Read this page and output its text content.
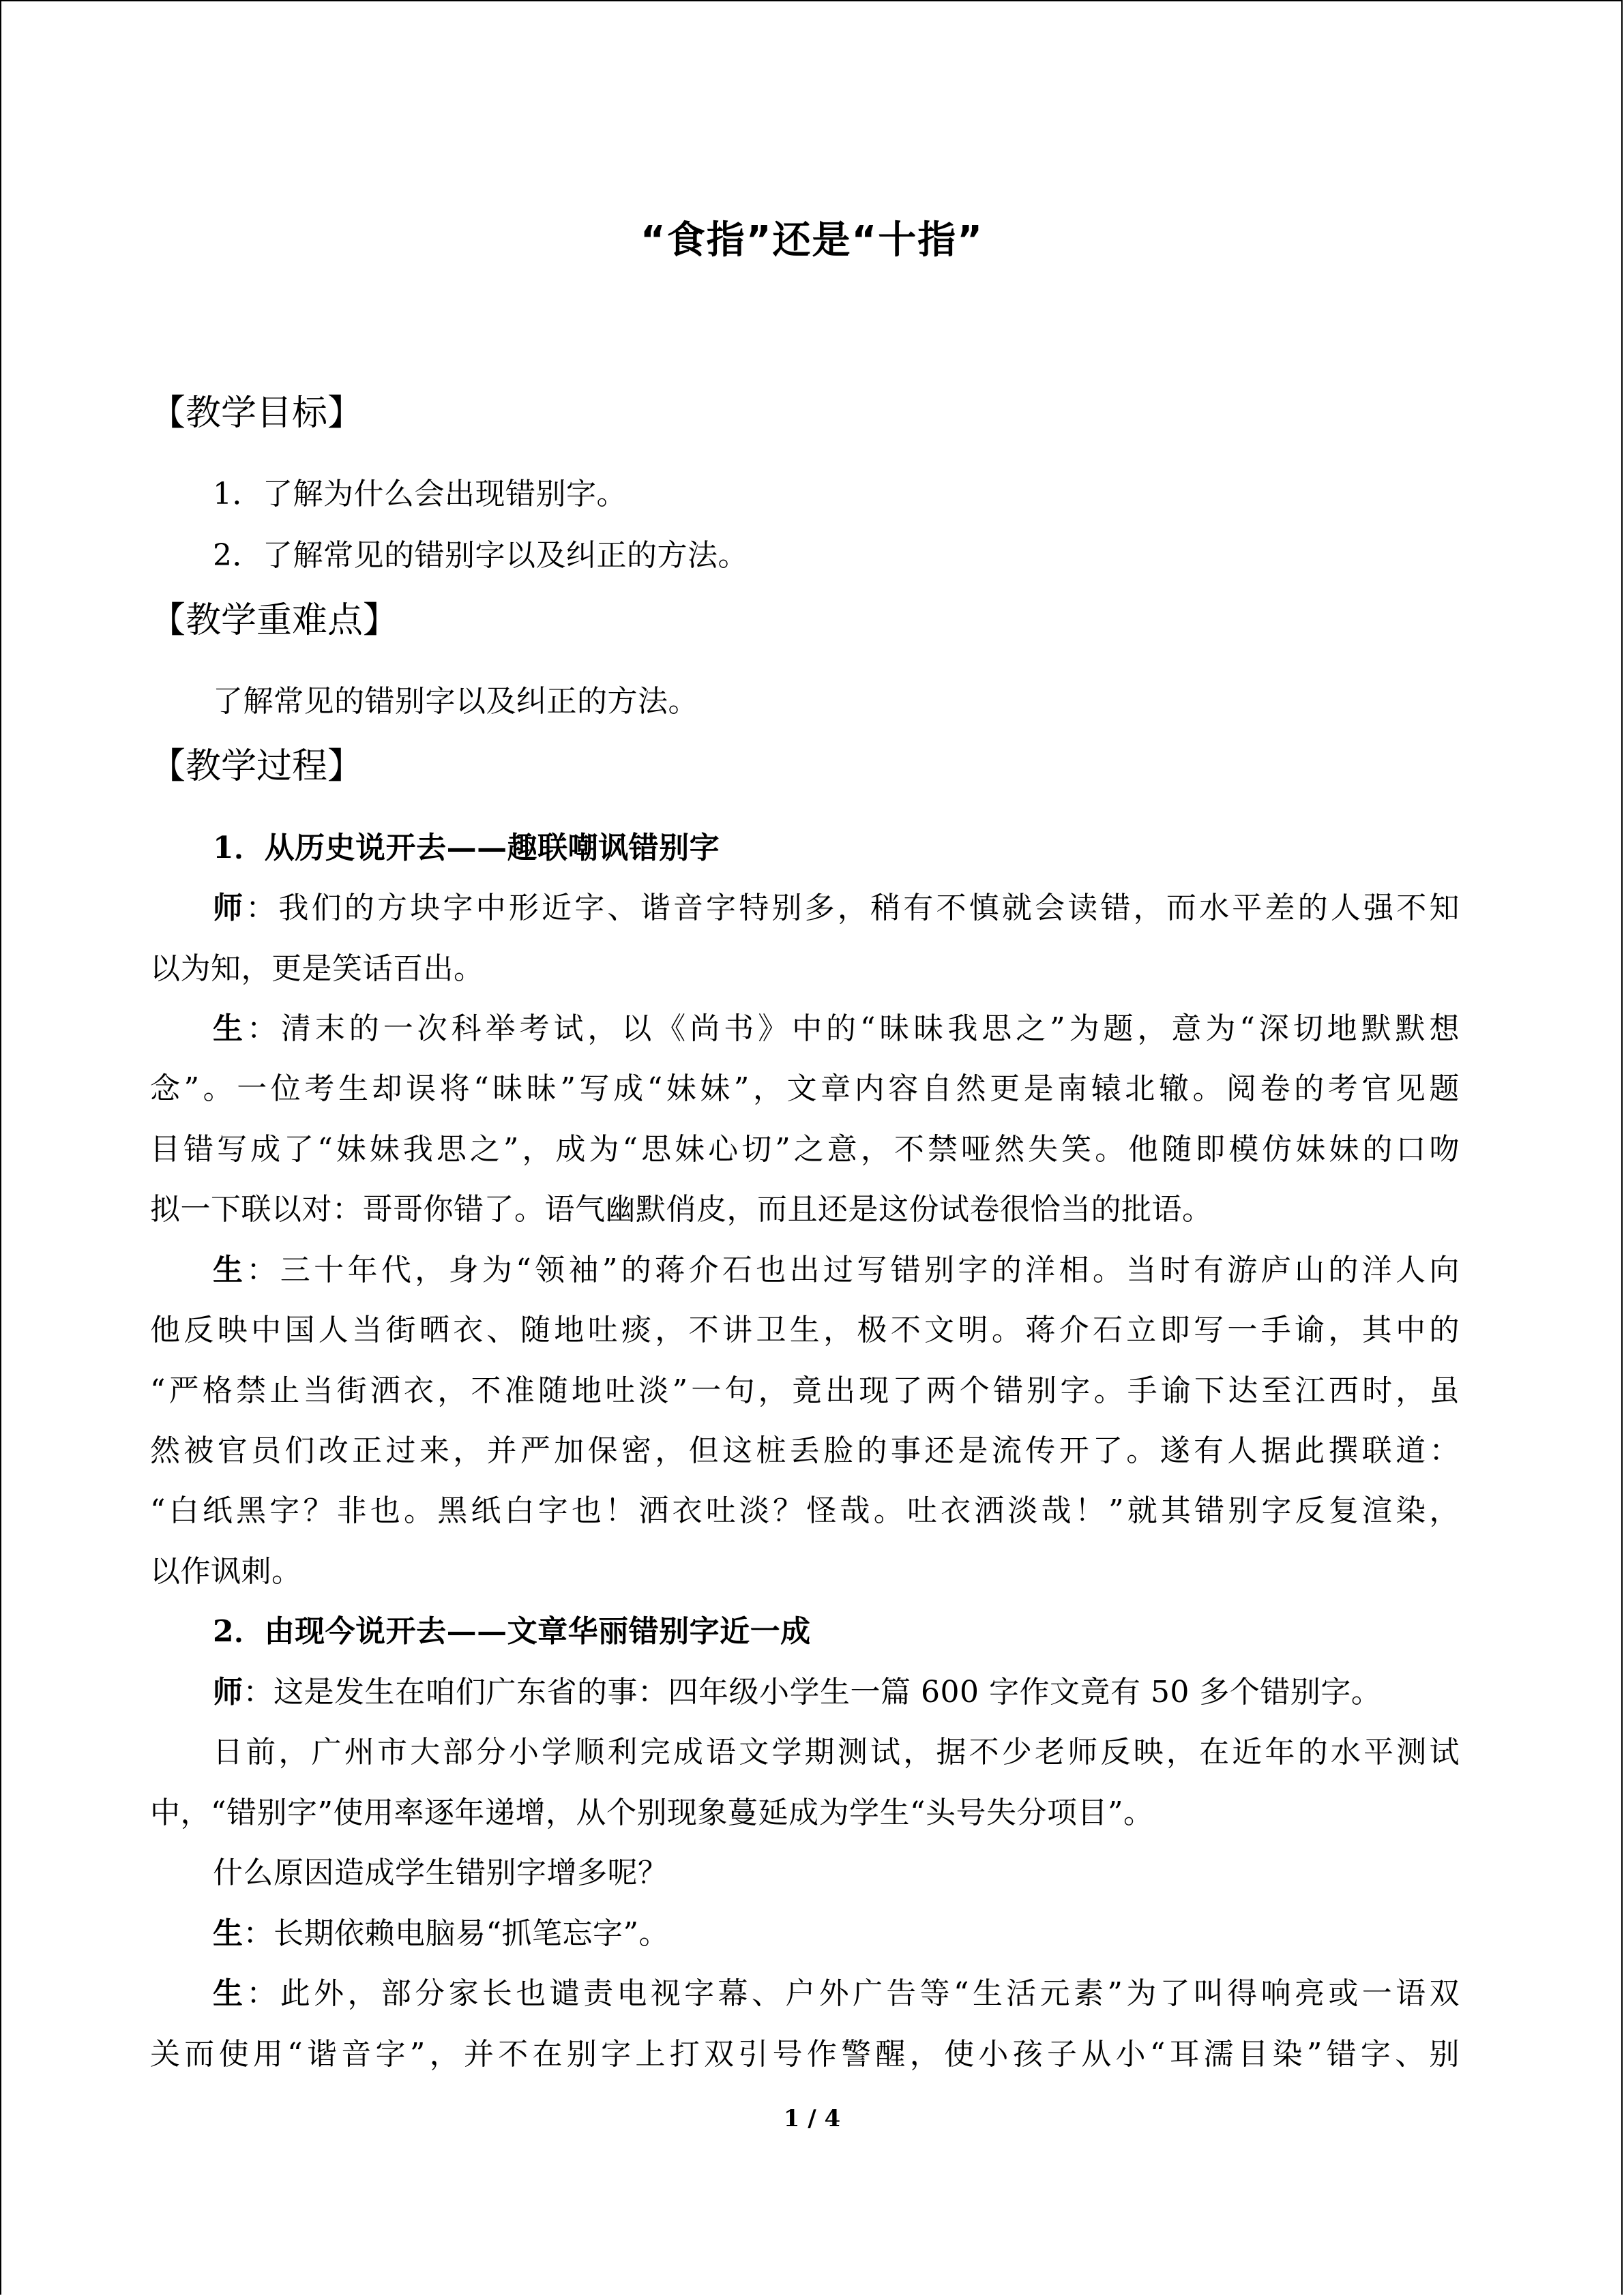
“食指”还是“十指”
【教学目标】
1．了解为什么会出现错别字。
2．了解常见的错别字以及纠正的方法。
【教学重难点】
了解常见的错别字以及纠正的方法。
【教学过程】
1．从历史说开去——趣联嘲讽错别字
师：我们的方块字中形近字、谐音字特别多，稍有不慎就会读错，而水平差的人强不知
以为知，更是笑话百出。
生：清末的一次科举考试，以《尚书》中的“昧昧我思之”为题，意为“深切地默默想
念”。一位考生却误将“昧昧”写成“妹妹”，文章内容自然更是南辕北辙。阅卷的考官见题
目错写成了“妹妹我思之”，成为“思妹心切”之意，不禁哑然失笑。他随即模仿妹妹的口吻
拟一下联以对：哥哥你错了。语气幽默俏皮，而且还是这份试卷很恰当的批语。
生：三十年代，身为“领袖”的蒋介石也出过写错别字的洋相。当时有游庐山的洋人向
他反映中国人当街晒衣、随地吐痰，不讲卫生，极不文明。蒋介石立即写一手谕，其中的
“严格禁止当街洒衣，不准随地吐淡”一句，竟出现了两个错别字。手谕下达至江西时，虽
然被官员们改正过来，并严加保密，但这桩丢脸的事还是流传开了。遂有人据此撰联道：
“白纸黑字？非也。黑纸白字也！洒衣吐淡？怪哉。吐衣洒淡哉！”就其错别字反复渲染，
以作讽刺。
2．由现今说开去——文章华丽错别字近一成
师：这是发生在咱们广东省的事：四年级小学生一篇 600 字作文竟有 50 多个错别字。
日前，广州市大部分小学顺利完成语文学期测试，据不少老师反映，在近年的水平测试
中，“错别字”使用率逐年递增，从个别现象蔓延成为学生“头号失分项目”。
什么原因造成学生错别字增多呢？
生：长期依赖电脑易“抓笔忘字”。
生：此外，部分家长也谴责电视字幕、户外广告等“生活元素”为了叫得响亮或一语双
关而使用“谐音字”，并不在别字上打双引号作警醒，使小孩子从小“耳濡目染”错字、别
1 / 4
